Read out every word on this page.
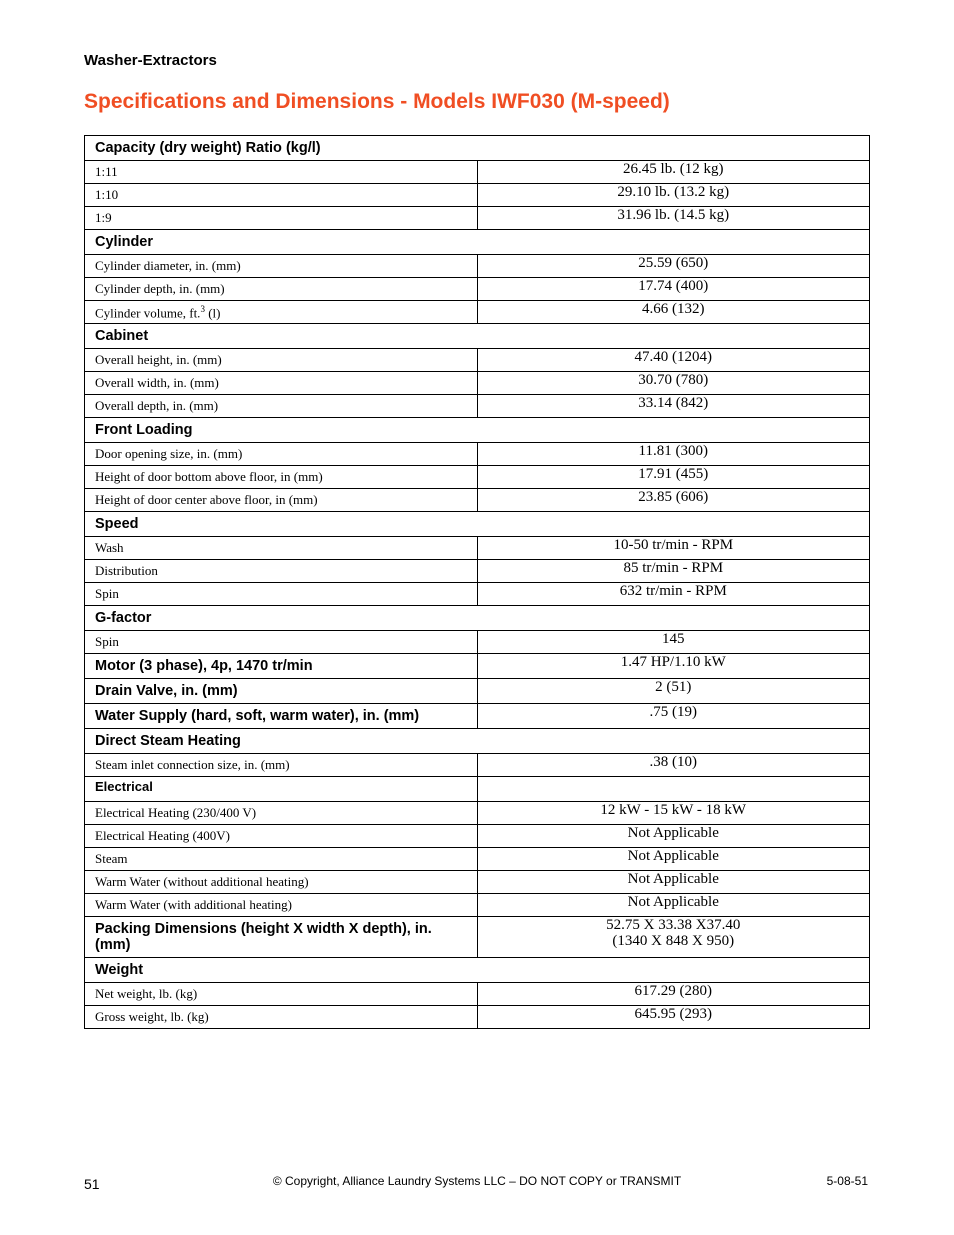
Washer-Extractors
Specifications and Dimensions - Models IWF030 (M-speed)
Capacity (dry weight) Ratio (kg/l)	
1:11	26.45 lb. (12 kg)

1:10	29.10 lb. (13.2 kg)

1:9	31.96 lb. (14.5 kg)

Cylinder	
Cylinder diameter, in. (mm)	25.59 (650)

Cylinder depth, in. (mm)	17.74 (400)

Cylinder volume, ft.$^3$ (l)	4.66 (132)

Cabinet	
Overall height, in. (mm)	47.40 (1204)

Overall width, in. (mm)	30.70 (780)

Overall depth, in. (mm)	33.14 (842)

Front Loading	
Door opening size, in. (mm)	11.81 (300)

Height of door bottom above floor, in (mm)	17.91 (455)

Height of door center above floor, in (mm)	23.85 (606)

Speed	
Wash	10-50 tr/min - RPM

Distribution	85 tr/min - RPM

Spin	632 tr/min - RPM

G-factor	
Spin	145

Motor (3 phase), 4p, 1470 tr/min	1.47 HP/1.10 kW

Drain Valve, in. (mm)	2 (51)

Water Supply (hard, soft, warm water), in. (mm)	.75 (19)

Direct Steam Heating	
Steam inlet connection size, in. (mm)	.38 (10)

Electrical	
Electrical Heating (230/400 V)	12 kW - 15 kW - 18 kW

Electrical Heating (400V)	Not Applicable

Steam	Not Applicable

Warm Water (without additional heating)	Not Applicable

Warm Water (with additional heating)	Not Applicable

Packing Dimensions (height X width X depth), in. (mm)	52.75 X 33.38 X37.40
(1340 X 848 X 950)

Weight	
Net weight, lb. (kg)	617.29 (280)

Gross weight, lb. (kg)	645.95 (293)
51	© Copyright, Alliance Laundry Systems LLC – DO NOT COPY or TRANSMIT	5-08-51
